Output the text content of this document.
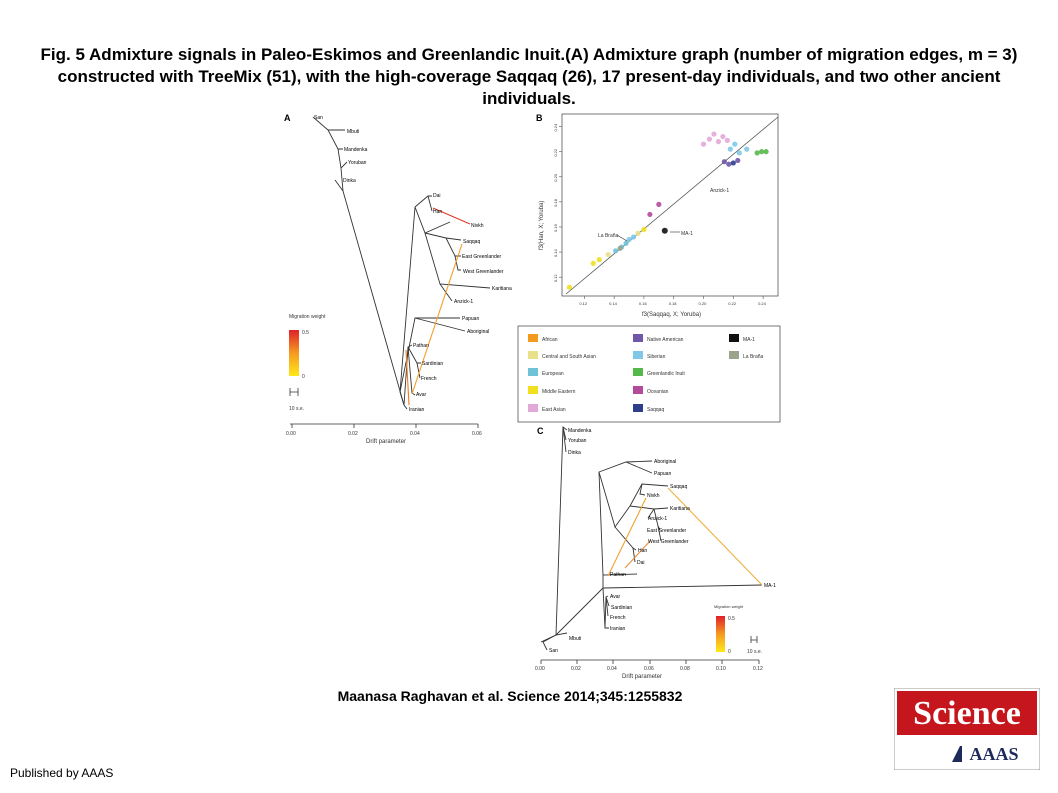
Fig. 5 Admixture signals in Paleo-Eskimos and Greenlandic Inuit.(A) Admixture graph (number of migration edges, m = 3) constructed with TreeMix (51), with the high-coverage Saqqaq (26), 17 present-day individuals, and two other ancient individuals.
A	San
Mbuti
Mandenka
Yoruban
Dinka
Dai
Han
Nivkh
Saqqaq
East Greenlander
West Greenlander
Karitiana
Anzick-1
Papuan
Aboriginal
Pathan
Sardinian
French
Avar
Iranian
Migration weight
0.5
0
10 s.e.
0.00	0.02	0.04	0.06
Drift parameter
B
0.12
0.14
0.16
0.18
0.20
0.22
0.24
0.12	0.14	0.16	0.18	0.20	0.22	0.24
Anzick-1
La Braña	MA-1
f3(Saqqaq, X; Yoruba)
f3(Han, X; Yoruba)
African	Native American	MA-1
Central and South Asian	Siberian	La Braña
European	Greenlandic Inuit
Middle Eastern	Oceanian
East Asian	Saqqaq
C	Mandenka
Yoruban
Dinka
Aboriginal
Papuan
Saqqaq
Nivkh
Karitiana
Anzick-1
East Greenlander
West Greenlander
Han
Dai
Pathan
MA-1
Avar
Sardinian
French
Iranian
Mbuti
San
Migration weight
0.5
0	10 s.e.
0.00	0.02	0.04	0.06	0.08	0.10	0.12
Drift parameter
Maanasa Raghavan et al. Science 2014;345:1255832
Published by AAAS
Science
AAAS
